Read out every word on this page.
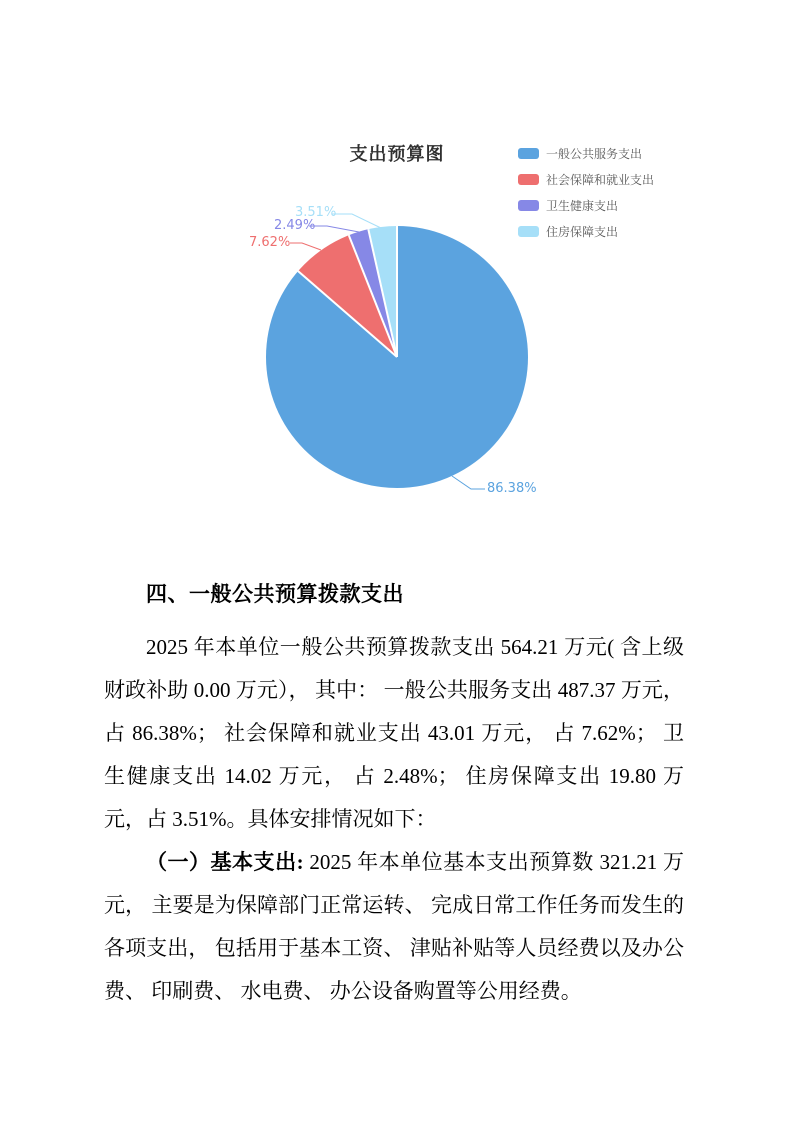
支出预算图	一般公共服务支出
社会保障和就业支出
卫生健康支出
住房保障支出
86.38%
7.62%
2.49%
3.51%
四、一般公共预算拨款支出

2025 年本单位一般公共预算拨款支出 564.21 万元( 含上级财政补助 0.00 万元）， 其中： 一般公共服务支出 487.37 万元，占 86.38%； 社会保障和就业支出 43.01 万元， 占 7.62%； 卫生健康支出 14.02 万元， 占 2.48%； 住房保障支出 19.80 万元，占 3.51%。具体安排情况如下：

（一）基本支出: 2025 年本单位基本支出预算数 321.21 万元， 主要是为保障部门正常运转、 完成日常工作任务而发生的各项支出， 包括用于基本工资、 津贴补贴等人员经费以及办公费、 印刷费、 水电费、 办公设备购置等公用经费。
